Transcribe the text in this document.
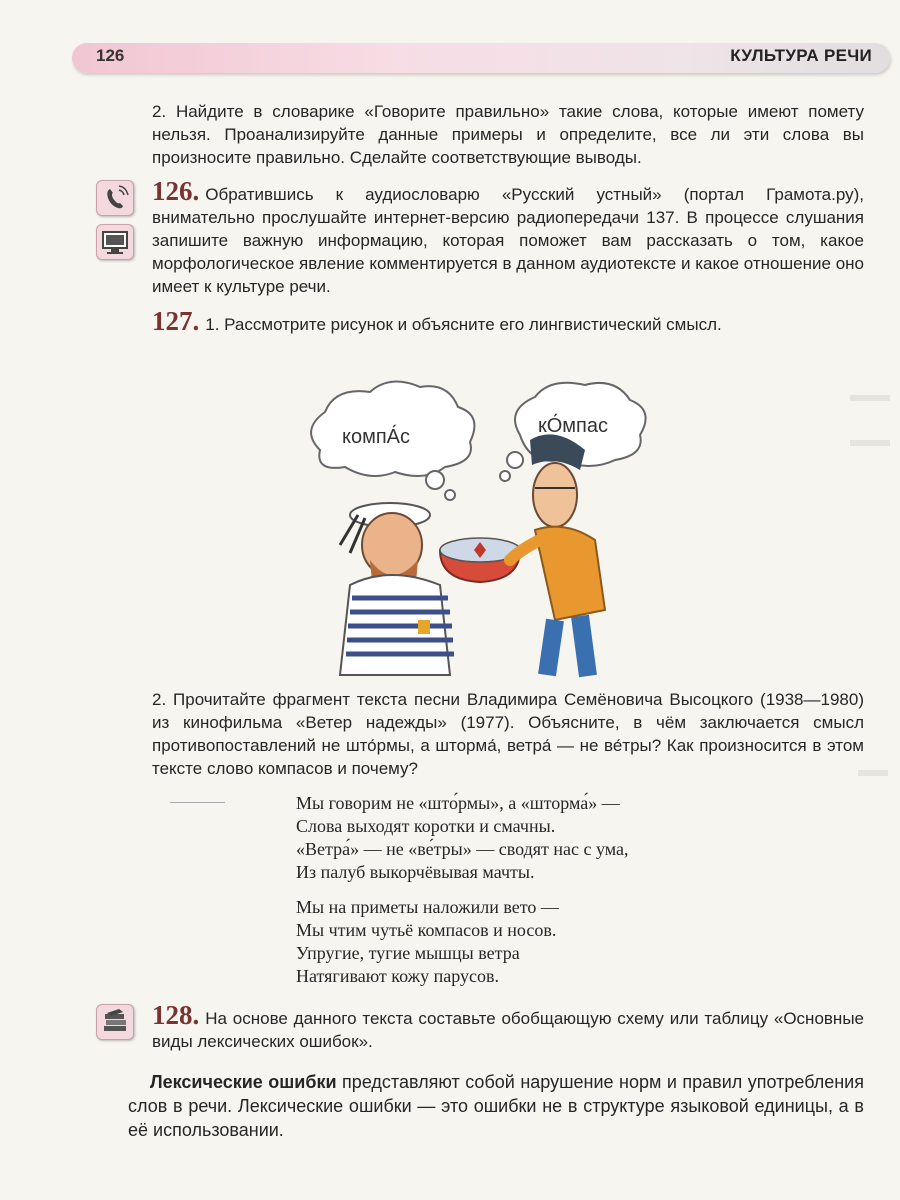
126	КУЛЬТУРА РЕЧИ
2. Найдите в словарике «Говорите правильно» такие слова, которые имеют помету нельзя. Проанализируйте данные примеры и определите, все ли эти слова вы произносите правильно. Сделайте соответствующие выводы.
126. Обратившись к аудиословарю «Русский устный» (портал Грамота.ру), внимательно прослушайте интернет-версию радиопередачи 137. В процессе слушания запишите важную информацию, которая поможет вам рассказать о том, какое морфологическое явление комментируется в данном аудиотексте и какое отношение оно имеет к культуре речи.
127. 1. Рассмотрите рисунок и объясните его лингвистический смысл.
компА́с	кО́мпас
2. Прочитайте фрагмент текста песни Владимира Семёновича Высоцкого (1938—1980) из кинофильма «Ветер надежды» (1977). Объясните, в чём заключается смысл противопоставлений не што́рмы, а шторма́, ветра́ — не ве́тры? Как произносится в этом тексте слово компасов и почему?
Мы говорим не «што́рмы», а «шторма́» —
Слова выходят коротки и смачны.
«Ветра́» — не «ве́тры» — сводят нас с ума,
Из палуб выкорчёвывая мачты.
Мы на приметы наложили вето —
Мы чтим чутьё компасов и носов.
Упругие, тугие мышцы ветра
Натягивают кожу парусов.
128. На основе данного текста составьте обобщающую схему или таблицу «Основные виды лексических ошибок».
Лексические ошибки представляют собой нарушение норм и правил употребления слов в речи. Лексические ошибки — это ошибки не в структуре языковой единицы, а в её использовании.
